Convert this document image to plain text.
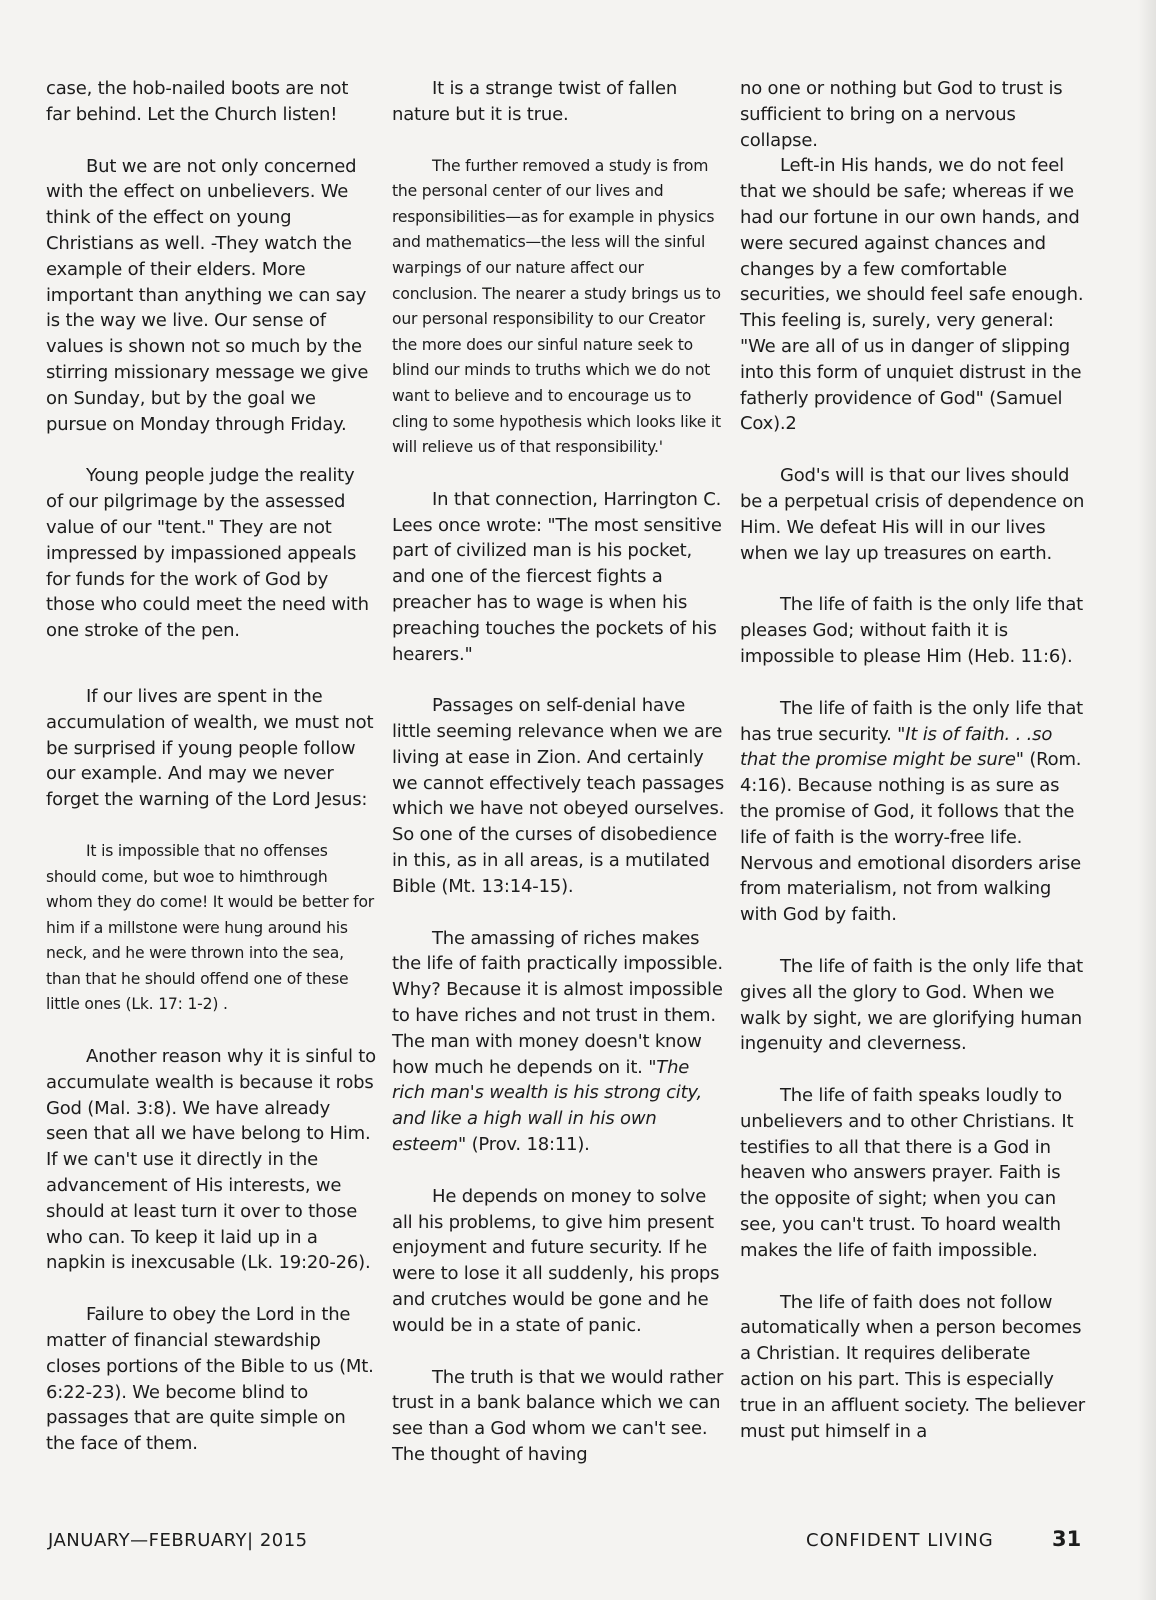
case, the hob-nailed boots are not far behind. Let the Church listen!

But we are not only concerned with the effect on unbelievers. We think of the effect on young Christians as well. -They watch the example of their elders. More important than anything we can say is the way we live. Our sense of values is shown not so much by the stirring missionary message we give on Sunday, but by the goal we pursue on Monday through Friday.

Young people judge the reality of our pilgrimage by the assessed value of our "tent." They are not impressed by impassioned appeals for funds for the work of God by those who could meet the need with one stroke of the pen.

If our lives are spent in the accumulation of wealth, we must not be surprised if young people follow our example. And may we never forget the warning of the Lord Jesus:

It is impossible that no offenses should come, but woe to himthrough whom they do come! It would be better for him if a millstone were hung around his neck, and he were thrown into the sea, than that he should offend one of these little ones (Lk. 17: 1-2) .

Another reason why it is sinful to accumulate wealth is because it robs God (Mal. 3:8). We have already seen that all we have belong to Him. If we can't use it directly in the advancement of His interests, we should at least turn it over to those who can. To keep it laid up in a napkin is inexcusable (Lk. 19:20-26).

Failure to obey the Lord in the matter of financial stewardship closes portions of the Bible to us (Mt. 6:22-23). We become blind to passages that are quite simple on the face of them.

It is a strange twist of fallen nature but it is true.

The further removed a study is from the personal center of our lives and responsibilities—as for example in physics and mathematics—the less will the sinful warpings of our nature affect our conclusion. The nearer a study brings us to our personal responsibility to our Creator the more does our sinful nature seek to blind our minds to truths which we do not want to believe and to encourage us to cling to some hypothesis which looks like it will relieve us of that responsibility.'

In that connection, Harrington C. Lees once wrote: "The most sensitive part of civilized man is his pocket, and one of the fiercest fights a preacher has to wage is when his preaching touches the pockets of his hearers."

Passages on self-denial have little seeming relevance when we are living at ease in Zion. And certainly we cannot effectively teach passages which we have not obeyed ourselves. So one of the curses of disobedience in this, as in all areas, is a mutilated Bible (Mt. 13:14-15).

The amassing of riches makes the life of faith practically impossible. Why? Because it is almost impossible to have riches and not trust in them. The man with money doesn't know how much he depends on it. "The rich man's wealth is his strong city, and like a high wall in his own esteem" (Prov. 18:11).

He depends on money to solve all his problems, to give him present enjoyment and future security. If he were to lose it all suddenly, his props and crutches would be gone and he would be in a state of panic.

The truth is that we would rather trust in a bank balance which we can see than a God whom we can't see. The thought of having

no one or nothing but God to trust is sufficient to bring on a nervous collapse.

Left-in His hands, we do not feel that we should be safe; whereas if we had our fortune in our own hands, and were secured against chances and changes by a few comfortable securities, we should feel safe enough. This feeling is, surely, very general: "We are all of us in danger of slipping into this form of unquiet distrust in the fatherly providence of God" (Samuel Cox).2

God's will is that our lives should be a perpetual crisis of dependence on Him. We defeat His will in our lives when we lay up treasures on earth.

The life of faith is the only life that pleases God; without faith it is impossible to please Him (Heb. 11:6).

The life of faith is the only life that has true security. "It is of faith. . .so that the promise might be sure" (Rom. 4:16). Because nothing is as sure as the promise of God, it follows that the life of faith is the worry-free life. Nervous and emotional disorders arise from materialism, not from walking with God by faith.

The life of faith is the only life that gives all the glory to God. When we walk by sight, we are glorifying human ingenuity and cleverness.

The life of faith speaks loudly to unbelievers and to other Christians. It testifies to all that there is a God in heaven who answers prayer. Faith is the opposite of sight; when you can see, you can't trust. To hoard wealth makes the life of faith impossible.

The life of faith does not follow automatically when a person becomes a Christian. It requires deliberate action on his part. This is especially true in an affluent society. The believer must put himself in a

JANUARY—FEBRUARY| 2015	CONFIDENT LIVING	31
